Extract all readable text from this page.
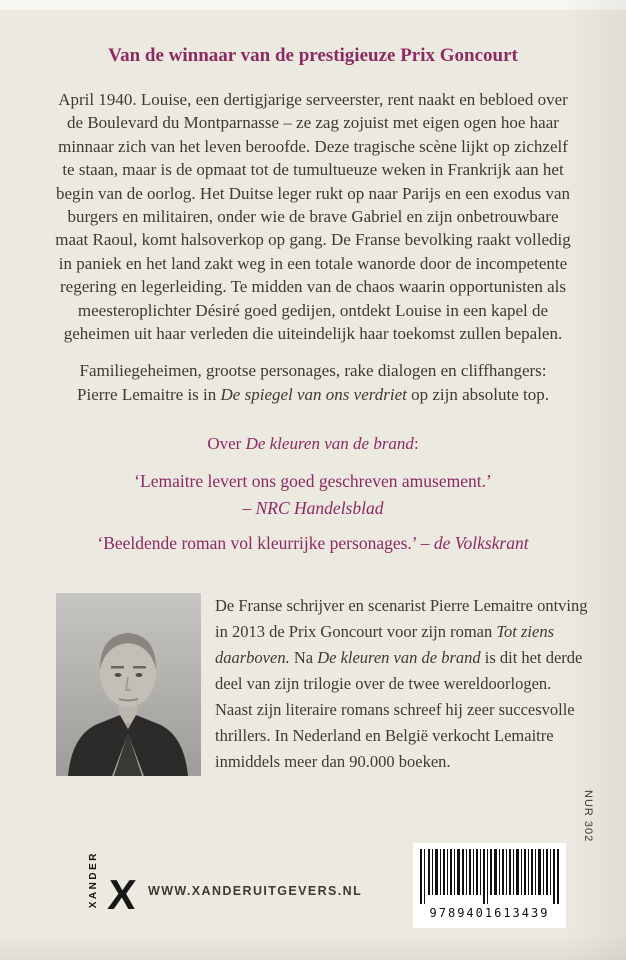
Van de winnaar van de prestigieuze Prix Goncourt

April 1940. Louise, een dertigjarige serveerster, rent naakt en bebloed over de Boulevard du Montparnasse – ze zag zojuist met eigen ogen hoe haar minnaar zich van het leven beroofde. Deze tragische scène lijkt op zichzelf te staan, maar is de opmaat tot de tumultueuze weken in Frankrijk aan het begin van de oorlog. Het Duitse leger rukt op naar Parijs en een exodus van burgers en militairen, onder wie de brave Gabriel en zijn onbetrouwbare maat Raoul, komt halsoverkop op gang. De Franse bevolking raakt volledig in paniek en het land zakt weg in een totale wanorde door de incompetente regering en legerleiding. Te midden van de chaos waarin opportunisten als meesteroplichter Désiré goed gedijen, ontdekt Louise in een kapel de geheimen uit haar verleden die uiteindelijk haar toekomst zullen bepalen.

Familiegeheimen, grootse personages, rake dialogen en cliffhangers: Pierre Lemaitre is in De spiegel van ons verdriet op zijn absolute top.

Over De kleuren van de brand:

‘Lemaitre levert ons goed geschreven amusement.’
– NRC Handelsblad

‘Beeldende roman vol kleurrijke personages.’ – de Volkskrant

De Franse schrijver en scenarist Pierre Lemaitre ontving in 2013 de Prix Goncourt voor zijn roman Tot ziens daarboven. Na De kleuren van de brand is dit het derde deel van zijn trilogie over de twee wereldoorlogen. Naast zijn literaire romans schreef hij zeer succesvolle thrillers. In Nederland en België verkocht Lemaitre inmiddels meer dan 90.000 boeken.

XANDER X WWW.XANDERUITGEVERS.NL
9789401613439
NUR 302
